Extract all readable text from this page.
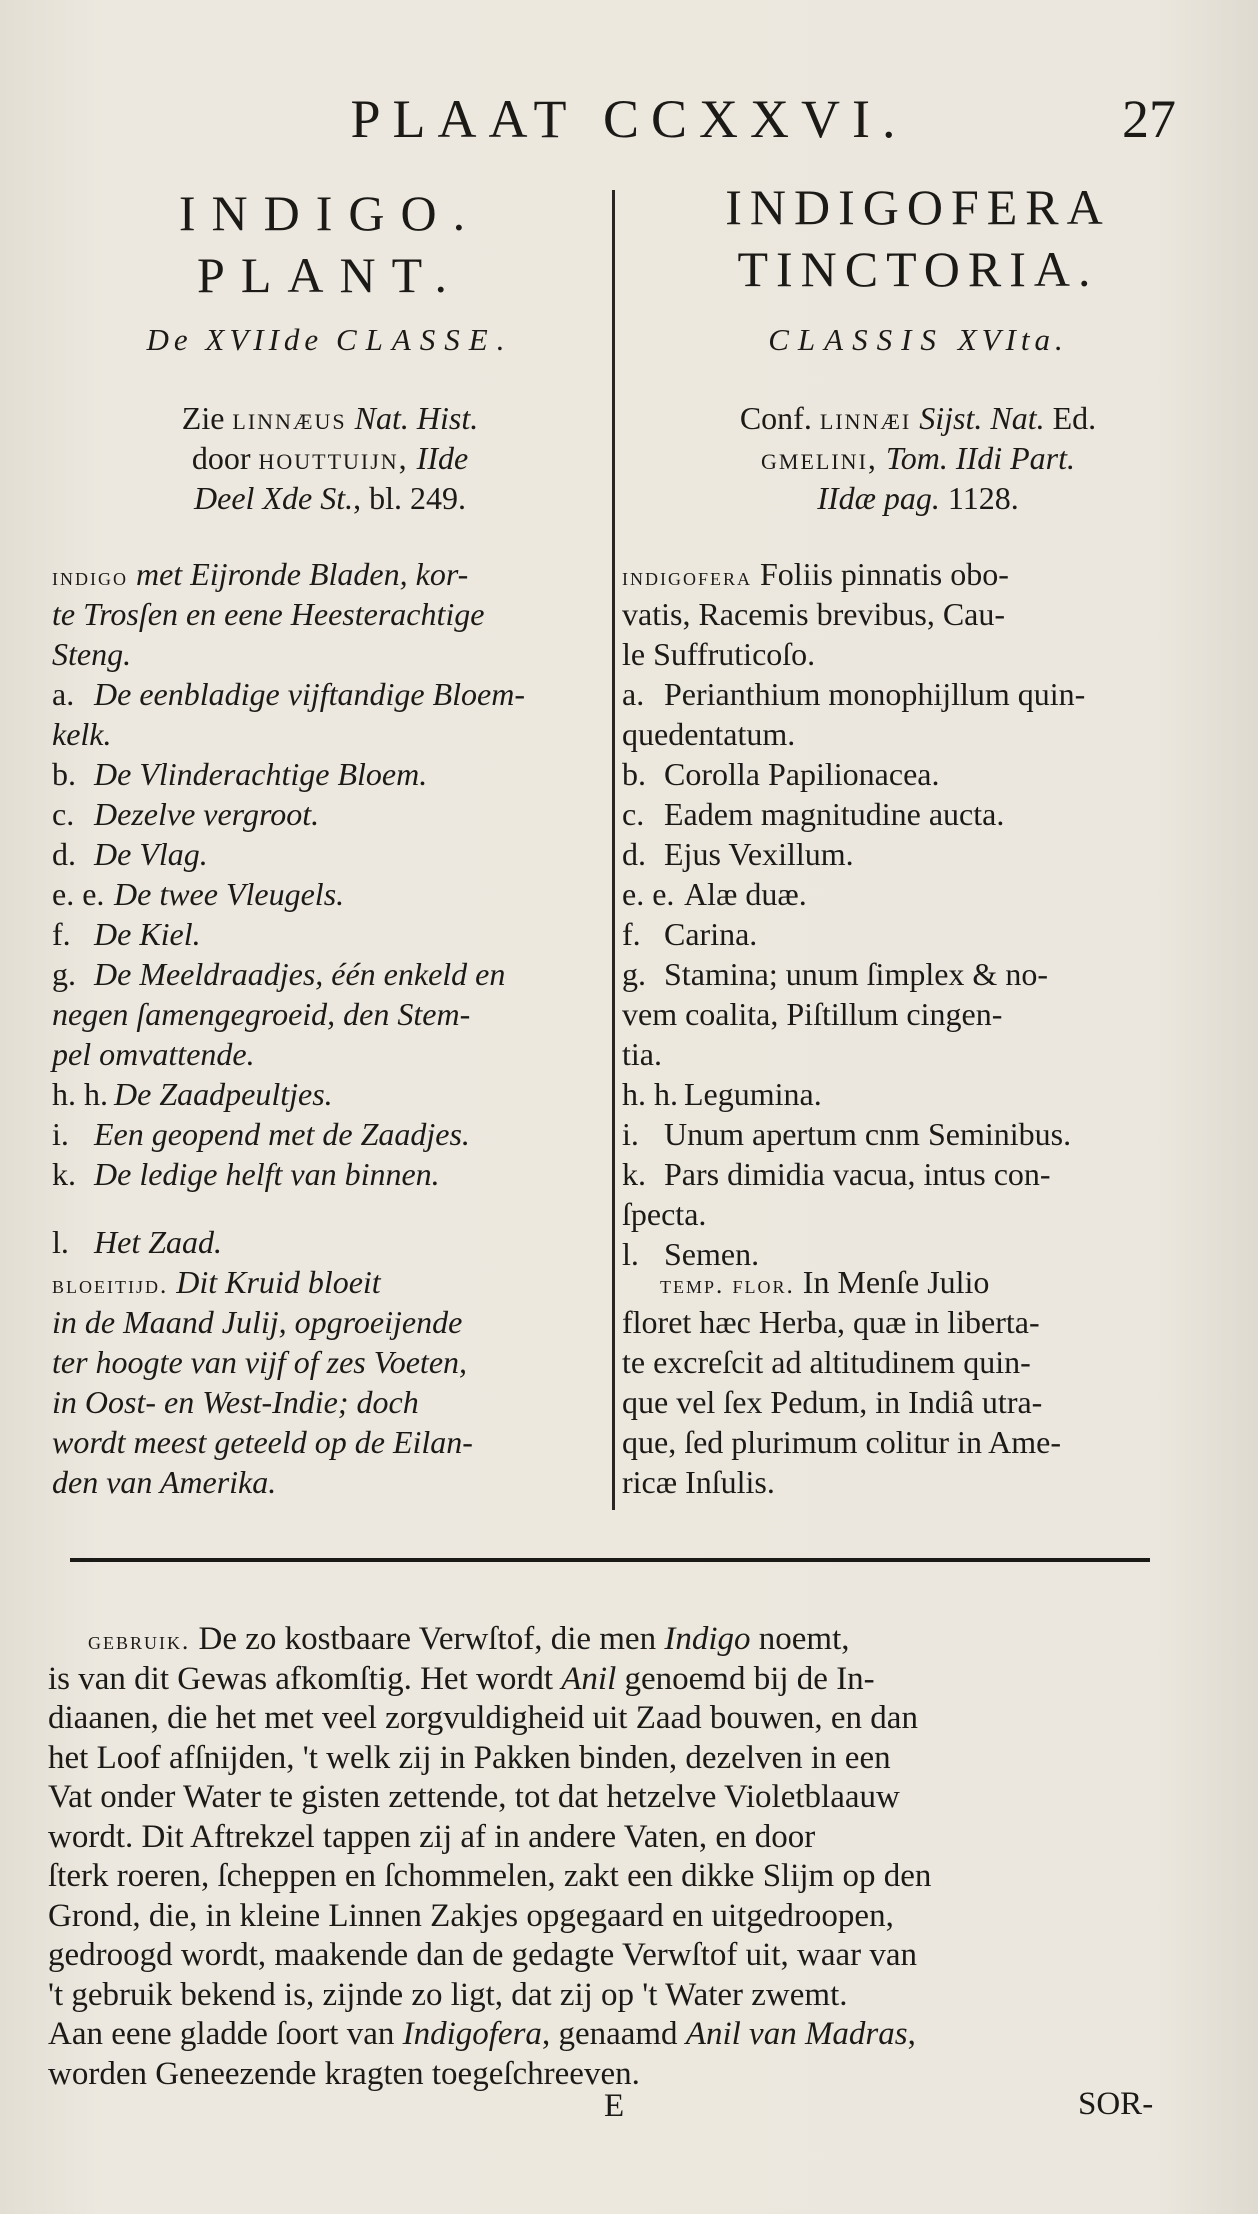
PLAAT CCXXVI.	27
INDIGO.
PLANT.
De XVIIde CLASSE.
Zie linnæus Nat. Hist.
door houttuijn, IIde
Deel Xde St., bl. 249.
indigo met Eijronde Bladen, kor-
te Trosſen en eene Heesterachtige
Steng.
a. De eenbladige vijftandige Bloem-
kelk.
b. De Vlinderachtige Bloem.
c. Dezelve vergroot.
d. De Vlag.
e. e. De twee Vleugels.
f. De Kiel.
g. De Meeldraadjes, één enkeld en
negen ſamengegroeid, den Stem-
pel omvattende.
h. h. De Zaadpeultjes.
i. Een geopend met de Zaadjes.
k. De ledige helft van binnen.
l. Het Zaad.
bloeitijd. Dit Kruid bloeit
in de Maand Julij, opgroeijende
ter hoogte van vijf of zes Voeten,
in Oost- en West-Indie; doch
wordt meest geteeld op de Eilan-
den van Amerika.
INDIGOFERA
TINCTORIA.
CLASSIS XVIta.
Conf. linnæi Sijst. Nat. Ed.
gmelini, Tom. IIdi Part.
IIdæ pag. 1128.
indigofera Foliis pinnatis obo-
vatis, Racemis brevibus, Cau-
le Suffruticoſo.
a. Perianthium monophijllum quin-
quedentatum.
b. Corolla Papilionacea.
c. Eadem magnitudine aucta.
d. Ejus Vexillum.
e. e. Alæ duæ.
f. Carina.
g. Stamina; unum ſimplex & no-
vem coalita, Piſtillum cingen-
tia.
h. h. Legumina.
i. Unum apertum cnm Seminibus.
k. Pars dimidia vacua, intus con-
ſpecta.
l. Semen.
temp. flor. In Menſe Julio
floret hæc Herba, quæ in liberta-
te excreſcit ad altitudinem quin-
que vel ſex Pedum, in Indiâ utra-
que, ſed plurimum colitur in Ame-
ricæ Inſulis.
gebruik. De zo kostbaare Verwſtof, die men Indigo noemt,
is van dit Gewas afkomſtig. Het wordt Anil genoemd bij de In-
diaanen, die het met veel zorgvuldigheid uit Zaad bouwen, en dan
het Loof afſnijden, 't welk zij in Pakken binden, dezelven in een
Vat onder Water te gisten zettende, tot dat hetzelve Violetblaauw
wordt. Dit Aftrekzel tappen zij af in andere Vaten, en door
ſterk roeren, ſcheppen en ſchommelen, zakt een dikke Slijm op den
Grond, die, in kleine Linnen Zakjes opgegaard en uitgedroopen,
gedroogd wordt, maakende dan de gedagte Verwſtof uit, waar van
't gebruik bekend is, zijnde zo ligt, dat zij op 't Water zwemt.
Aan eene gladde ſoort van Indigofera, genaamd Anil van Madras,
worden Geneezende kragten toegeſchreeven.
E	SOR-
